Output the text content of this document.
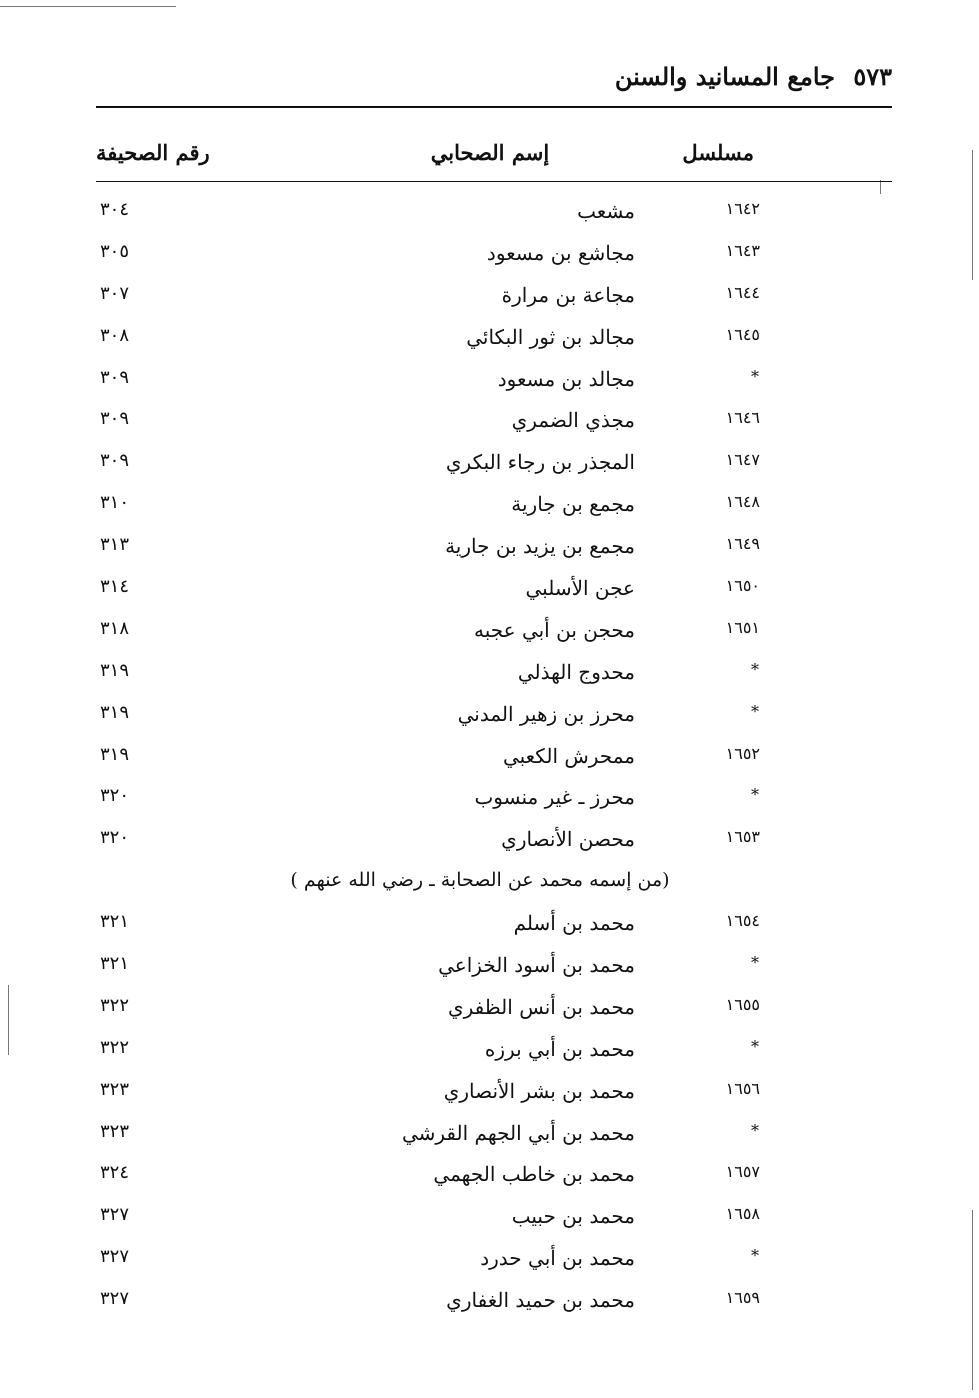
٥٧٣ جامع المسانيد والسنن
مسلسل
إسم الصحابي
رقم الصحيفة
١٦٤٢
مشعب
٣٠٤
١٦٤٣
مجاشع بن مسعود
٣٠٥
١٦٤٤
مجاعة بن مرارة
٣٠٧
١٦٤٥
مجالد بن ثور البكائي
٣٠٨
*
مجالد بن مسعود
٣٠٩
١٦٤٦
مجذي الضمري
٣٠٩
١٦٤٧
المجذر بن رجاء البكري
٣٠٩
١٦٤٨
مجمع بن جارية
٣١٠
١٦٤٩
مجمع بن يزيد بن جارية
٣١٣
١٦٥٠
عجن الأسلبي
٣١٤
١٦٥١
محجن بن أبي عجبه
٣١٨
*
محدوج الهذلي
٣١٩
*
محرز بن زهير المدني
٣١٩
١٦٥٢
ممحرش الكعبي
٣١٩
*
محرز ـ غير منسوب
٣٢٠
١٦٥٣
محصن الأنصاري
٣٢٠
(من إسمه محمد عن الصحابة ـ رضي الله عنهم )
١٦٥٤
محمد بن أسلم
٣٢١
*
محمد بن أسود الخزاعي
٣٢١
١٦٥٥
محمد بن أنس الظفري
٣٢٢
*
محمد بن أبي برزه
٣٢٢
١٦٥٦
محمد بن بشر الأنصاري
٣٢٣
*
محمد بن أبي الجهم القرشي
٣٢٣
١٦٥٧
محمد بن خاطب الجهمي
٣٢٤
١٦٥٨
محمد بن حبيب
٣٢٧
*
محمد بن أبي حدرد
٣٢٧
١٦٥٩
محمد بن حميد الغفاري
٣٢٧
